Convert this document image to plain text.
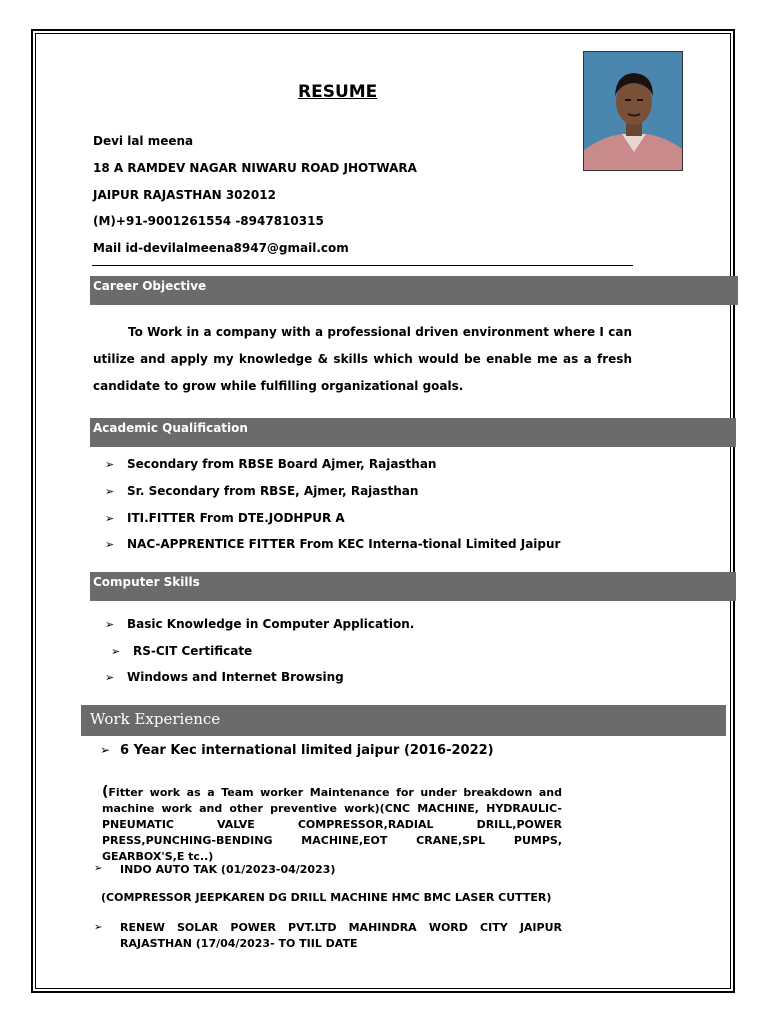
RESUME
Devi lal meena
18 A RAMDEV NAGAR NIWARU ROAD JHOTWARA
JAIPUR RAJASTHAN 302012
(M)+91-9001261554 -8947810315
Mail id-devilalmeena8947@gmail.com
Career Objective
To Work in a company with a professional driven environment where I can utilize and apply my knowledge & skills which would be enable me as a fresh candidate to grow while fulfilling organizational goals.
Academic Qualification
➢ Secondary from RBSE Board Ajmer, Rajasthan
➢ Sr. Secondary from RBSE, Ajmer, Rajasthan
➢ ITI.FITTER From DTE.JODHPUR A
➢ NAC-APPRENTICE FITTER From KEC Interna-tional Limited Jaipur
Computer Skills
➢ Basic Knowledge in Computer Application.
➢ RS-CIT Certificate
➢ Windows and Internet Browsing
Work Experience
➢ 6 Year Kec international limited jaipur (2016-2022)
(Fitter work as a Team worker Maintenance for under breakdown and machine work and other preventive work)(CNC MACHINE, HYDRAULIC-PNEUMATIC VALVE COMPRESSOR,RADIAL DRILL,POWER PRESS,PUNCHING-BENDING MACHINE,EOT CRANE,SPL PUMPS, GEARBOX'S,E tc..)
➢ INDO AUTO TAK (01/2023-04/2023)
(COMPRESSOR JEEPKAREN DG DRILL MACHINE HMC BMC LASER CUTTER)
➢ RENEW SOLAR POWER PVT.LTD MAHINDRA WORD CITY JAIPUR RAJASTHAN (17/04/2023- TO TIIL DATE
